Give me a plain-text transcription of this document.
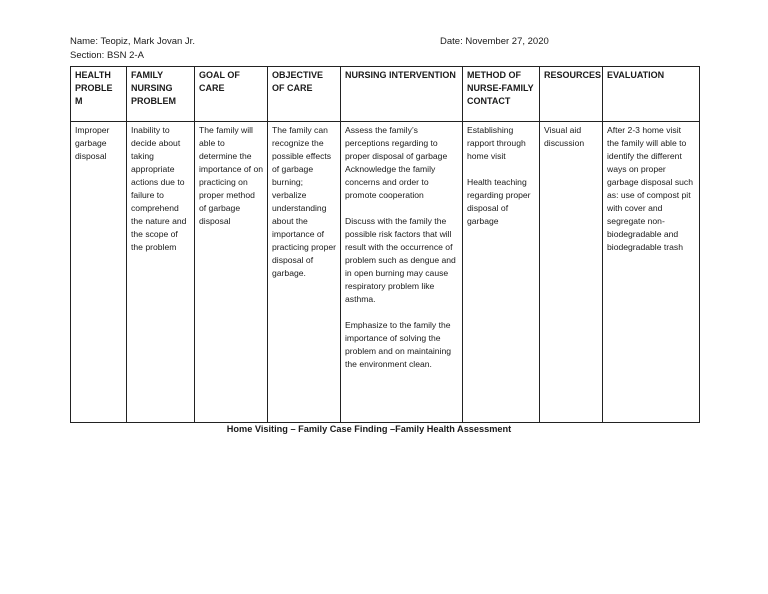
Name: Teopiz, Mark Jovan Jr.
Section: BSN 2-A
Date: November 27, 2020
HEALTH PROBLE M	FAMILY NURSING PROBLEM	GOAL OF CARE	OBJECTIVE OF CARE	NURSING INTERVENTION	METHOD OF NURSE-FAMILY CONTACT	RESOURCES	EVALUATION
Improper garbage disposal	Inability to decide about taking appropriate actions due to failure to comprehend the nature and the scope of the problem	The family will able to determine the importance of on practicing on proper method of garbage disposal	The family can recognize the possible effects of garbage burning; verbalize understanding about the importance of practicing proper disposal of garbage.	Assess the family’s perceptions regarding to proper disposal of garbage
Acknowledge the family concerns and order to promote cooperation
Discuss with the family the possible risk factors that will result with the occurrence of problem such as dengue and in open burning may cause respiratory problem like asthma.
Emphasize to the family the importance of solving the problem and on maintaining the environment clean.	Establishing rapport through home visit
Health teaching regarding proper disposal of garbage	Visual aid discussion	After 2-3 home visit the family will able to identify the different ways on proper garbage disposal such as: use of compost pit with cover and segregate non-biodegradable and biodegradable trash
Home Visiting – Family Case Finding –Family Health Assessment
